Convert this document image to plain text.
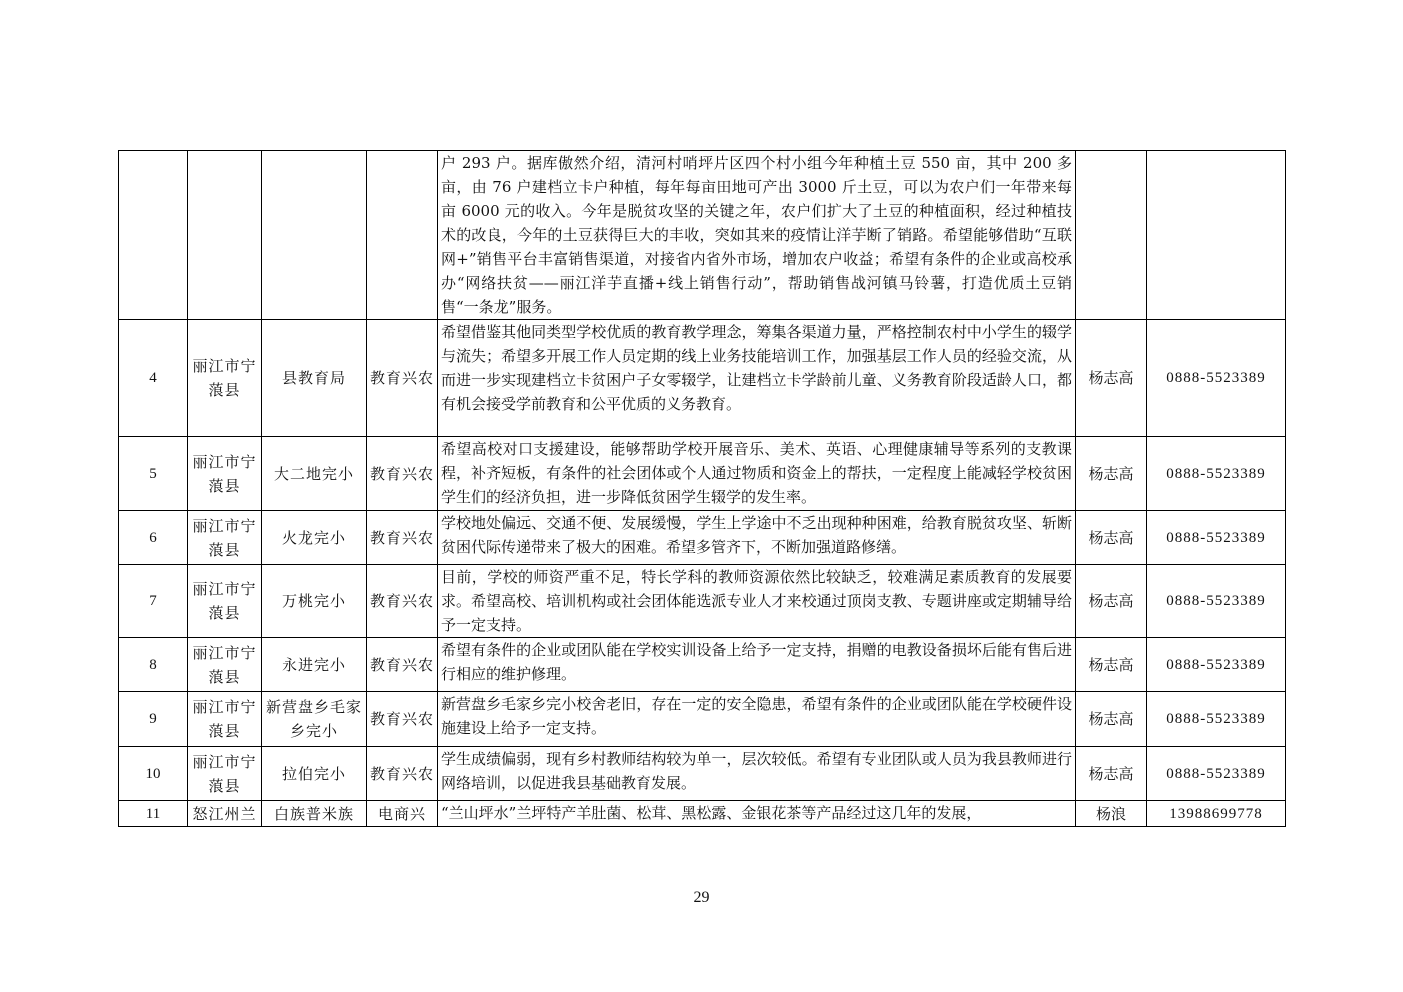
				户 293 户。据库傲然介绍，清河村哨坪片区四个村小组今年种植土豆 550 亩，其中 200 多亩，由 76 户建档立卡户种植，每年每亩田地可产出 3000 斤土豆，可以为农户们一年带来每亩 6000 元的收入。今年是脱贫攻坚的关键之年，农户们扩大了土豆的种植面积，经过种植技术的改良，今年的土豆获得巨大的丰收，突如其来的疫情让洋芋断了销路。希望能够借助“互联网+”销售平台丰富销售渠道，对接省内省外市场，增加农户收益；希望有条件的企业或高校承办“网络扶贫——丽江洋芋直播+线上销售行动”，帮助销售战河镇马铃薯，打造优质土豆销售“一条龙”服务。		
4	丽江市宁蒗县	县教育局	教育兴农	希望借鉴其他同类型学校优质的教育教学理念，筹集各渠道力量，严格控制农村中小学生的辍学与流失；希望多开展工作人员定期的线上业务技能培训工作，加强基层工作人员的经验交流，从而进一步实现建档立卡贫困户子女零辍学，让建档立卡学龄前儿童、义务教育阶段适龄人口，都有机会接受学前教育和公平优质的义务教育。	杨志高	0888-5523389
5	丽江市宁蒗县	大二地完小	教育兴农	希望高校对口支援建设，能够帮助学校开展音乐、美术、英语、心理健康辅导等系列的支教课程，补齐短板，有条件的社会团体或个人通过物质和资金上的帮扶，一定程度上能减轻学校贫困学生们的经济负担，进一步降低贫困学生辍学的发生率。	杨志高	0888-5523389
6	丽江市宁蒗县	火龙完小	教育兴农	学校地处偏远、交通不便、发展缓慢，学生上学途中不乏出现种种困难，给教育脱贫攻坚、斩断贫困代际传递带来了极大的困难。希望多管齐下，不断加强道路修缮。	杨志高	0888-5523389
7	丽江市宁蒗县	万桃完小	教育兴农	目前，学校的师资严重不足，特长学科的教师资源依然比较缺乏，较难满足素质教育的发展要求。希望高校、培训机构或社会团体能选派专业人才来校通过顶岗支教、专题讲座或定期辅导给予一定支持。	杨志高	0888-5523389
8	丽江市宁蒗县	永进完小	教育兴农	希望有条件的企业或团队能在学校实训设备上给予一定支持，捐赠的电教设备损坏后能有售后进行相应的维护修理。	杨志高	0888-5523389
9	丽江市宁蒗县	新营盘乡毛家乡完小	教育兴农	新营盘乡毛家乡完小校舍老旧，存在一定的安全隐患，希望有条件的企业或团队能在学校硬件设施建设上给予一定支持。	杨志高	0888-5523389
10	丽江市宁蒗县	拉伯完小	教育兴农	学生成绩偏弱，现有乡村教师结构较为单一，层次较低。希望有专业团队或人员为我县教师进行网络培训，以促进我县基础教育发展。	杨志高	0888-5523389
11	怒江州兰	白族普米族	电商兴	“兰山坪水”兰坪特产羊肚菌、松茸、黑松露、金银花茶等产品经过这几年的发展，	杨浪	13988699778
29
